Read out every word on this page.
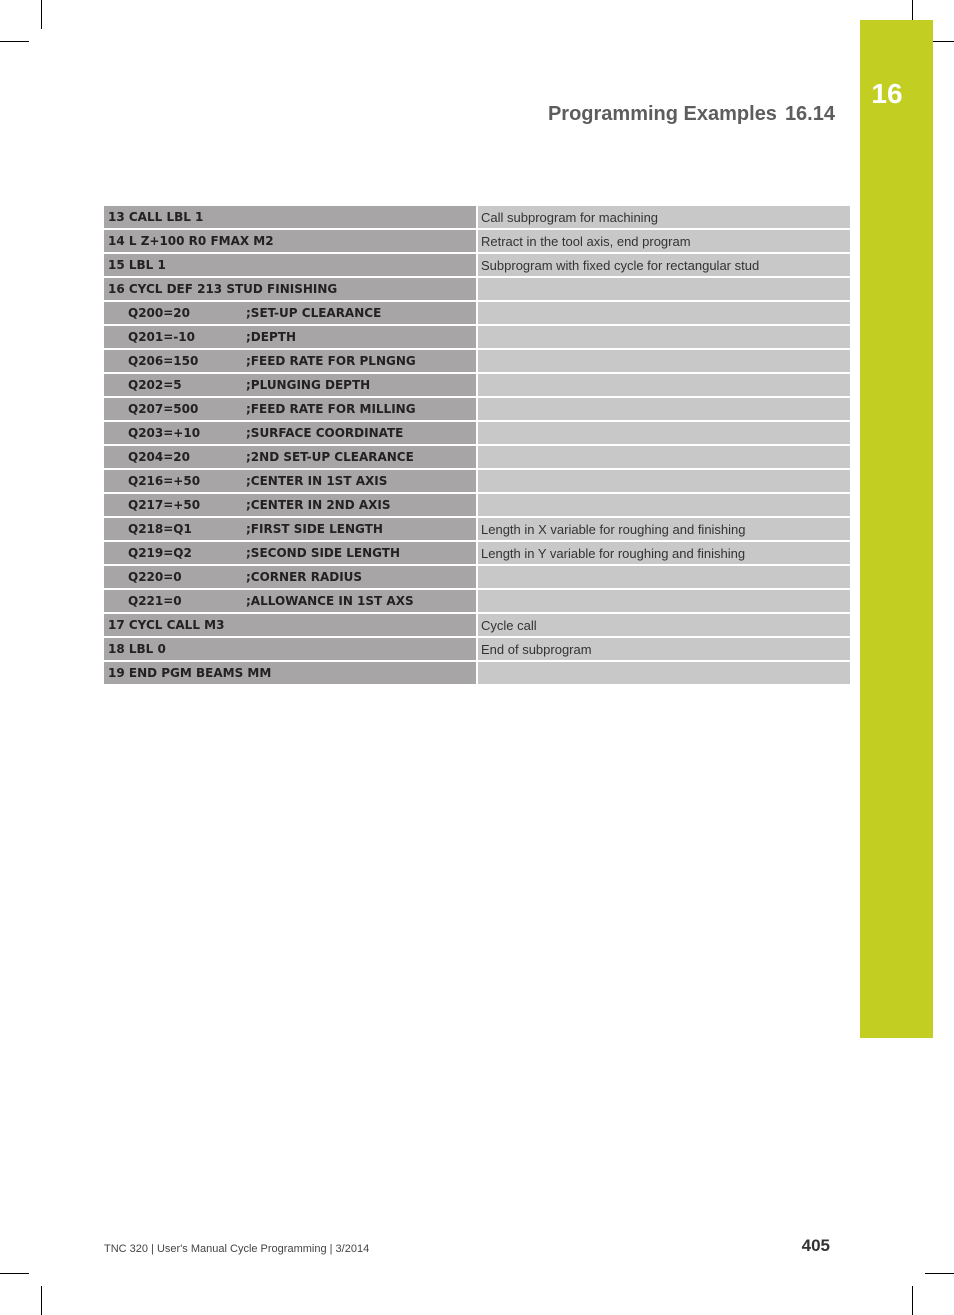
16
Programming Examples 16.14
13 CALL LBL 1	Call subprogram for machining
14 L Z+100 R0 FMAX M2	Retract in the tool axis, end program
15 LBL 1	Subprogram with fixed cycle for rectangular stud
16 CYCL DEF 213 STUD FINISHING
Q200=20	;SET-UP CLEARANCE
Q201=-10	;DEPTH
Q206=150	;FEED RATE FOR PLNGNG
Q202=5	;PLUNGING DEPTH
Q207=500	;FEED RATE FOR MILLING
Q203=+10	;SURFACE COORDINATE
Q204=20	;2ND SET-UP CLEARANCE
Q216=+50	;CENTER IN 1ST AXIS
Q217=+50	;CENTER IN 2ND AXIS
Q218=Q1	;FIRST SIDE LENGTH	Length in X variable for roughing and finishing
Q219=Q2	;SECOND SIDE LENGTH	Length in Y variable for roughing and finishing
Q220=0	;CORNER RADIUS
Q221=0	;ALLOWANCE IN 1ST AXS
17 CYCL CALL M3	Cycle call
18 LBL 0	End of subprogram
19 END PGM BEAMS MM
TNC 320 | User's Manual Cycle Programming | 3/2014	405
